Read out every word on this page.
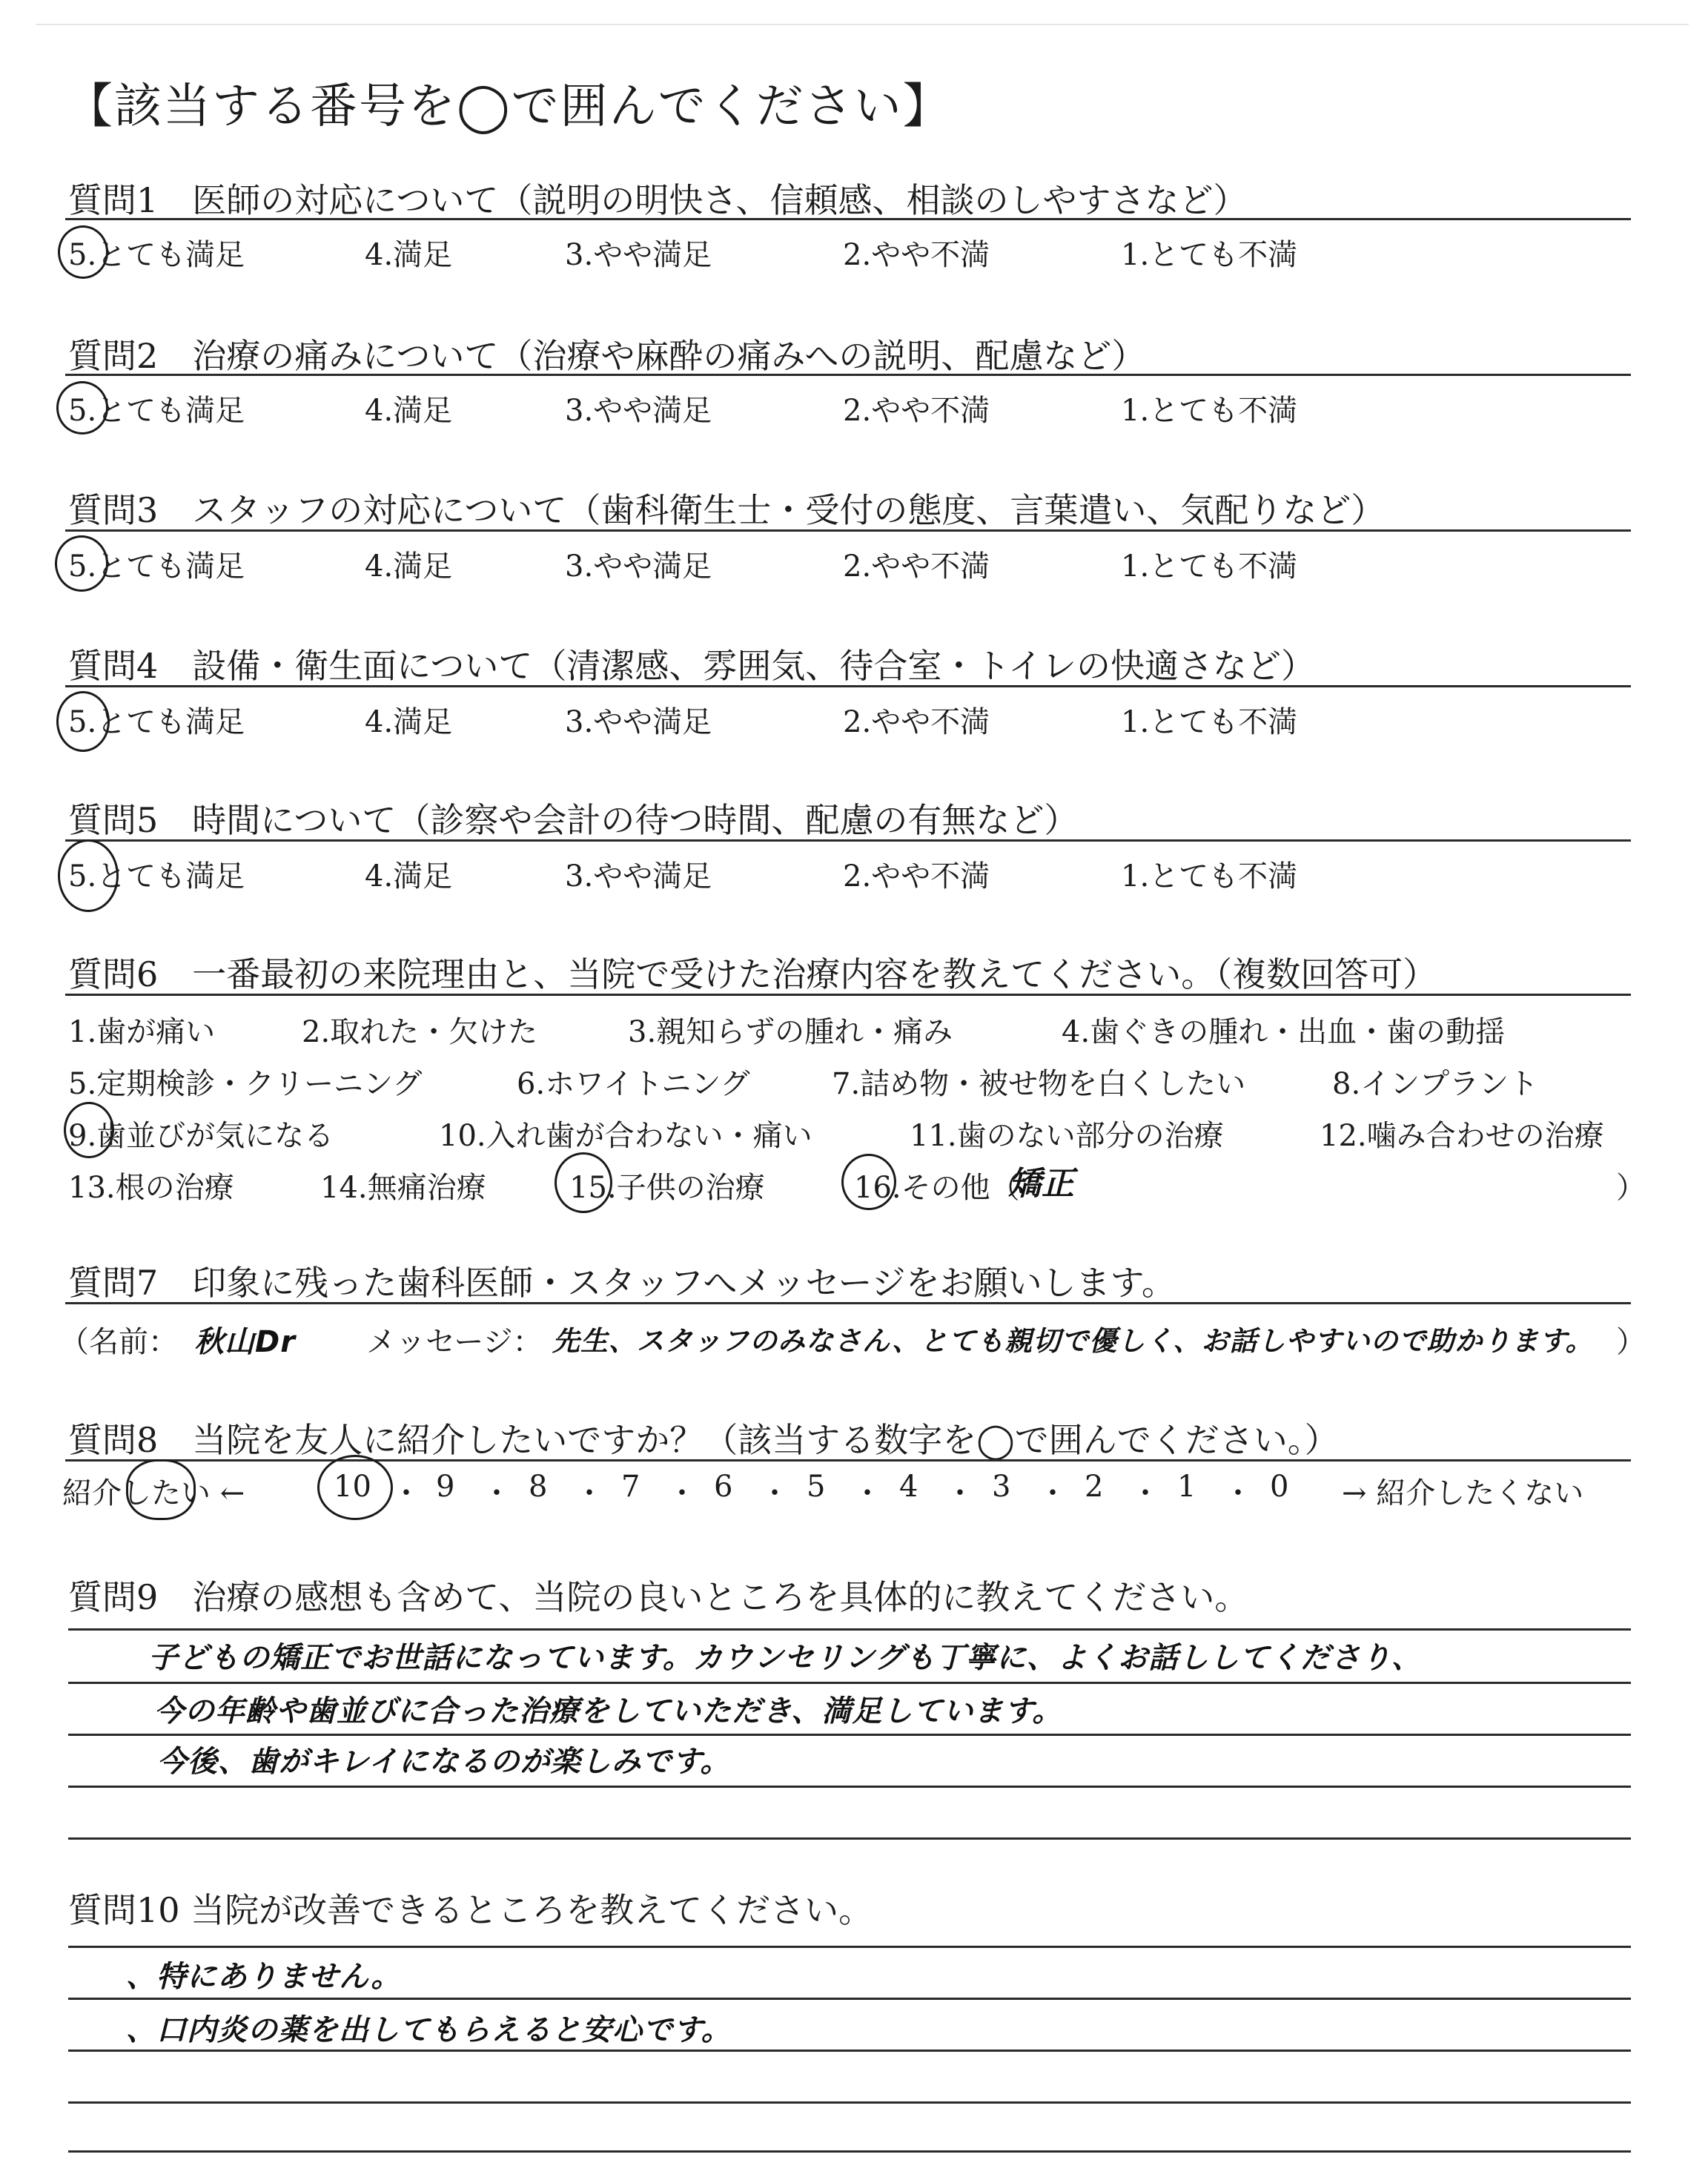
【該当する番号を◯で囲んでください】
質問1　医師の対応について（説明の明快さ、信頼感、相談のしやすさなど）
5.とても満足	4.満足	3.やや満足	2.やや不満	1.とても不満
質問2　治療の痛みについて（治療や麻酔の痛みへの説明、配慮など）
5.とても満足	4.満足	3.やや満足	2.やや不満	1.とても不満
質問3　スタッフの対応について（歯科衛生士・受付の態度、言葉遣い、気配りなど）
5.とても満足	4.満足	3.やや満足	2.やや不満	1.とても不満
質問4　設備・衛生面について（清潔感、雰囲気、待合室・トイレの快適さなど）
5.とても満足	4.満足	3.やや満足	2.やや不満	1.とても不満
質問5　時間について（診察や会計の待つ時間、配慮の有無など）
5.とても満足	4.満足	3.やや満足	2.やや不満	1.とても不満
質問6　一番最初の来院理由と、当院で受けた治療内容を教えてください。（複数回答可）
1.歯が痛い	2.取れた・欠けた	3.親知らずの腫れ・痛み	4.歯ぐきの腫れ・出血・歯の動揺
5.定期検診・クリーニング	6.ホワイトニング	7.詰め物・被せ物を白くしたい	8.インプラント
9.歯並びが気になる	10.入れ歯が合わない・痛い	11.歯のない部分の治療	12.噛み合わせの治療
13.根の治療	14.無痛治療	15.子供の治療	16.その他（	）
矯正
質問7　印象に残った歯科医師・スタッフへメッセージをお願いします。
（名前： 秋山Dr メッセージ： 先生、スタッフのみなさん、とても親切で優しく、お話しやすいので助かります。 ）
質問8　当院を友人に紹介したいですか？（該当する数字を◯で囲んでください。）
紹介したい ←	10 ・ 9 ・ 8 ・ 7 ・ 6 ・ 5 ・ 4 ・ 3 ・ 2 ・ 1 ・ 0 → 紹介したくない
質問9　治療の感想も含めて、当院の良いところを具体的に教えてください。
子どもの矯正でお世話になっています。カウンセリングも丁寧に、よくお話ししてくださり、
今の年齢や歯並びに合った治療をしていただき、満足しています。
今後、歯がキレイになるのが楽しみです。
質問10 当院が改善できるところを教えてください。
、特にありません。
、口内炎の薬を出してもらえると安心です。
